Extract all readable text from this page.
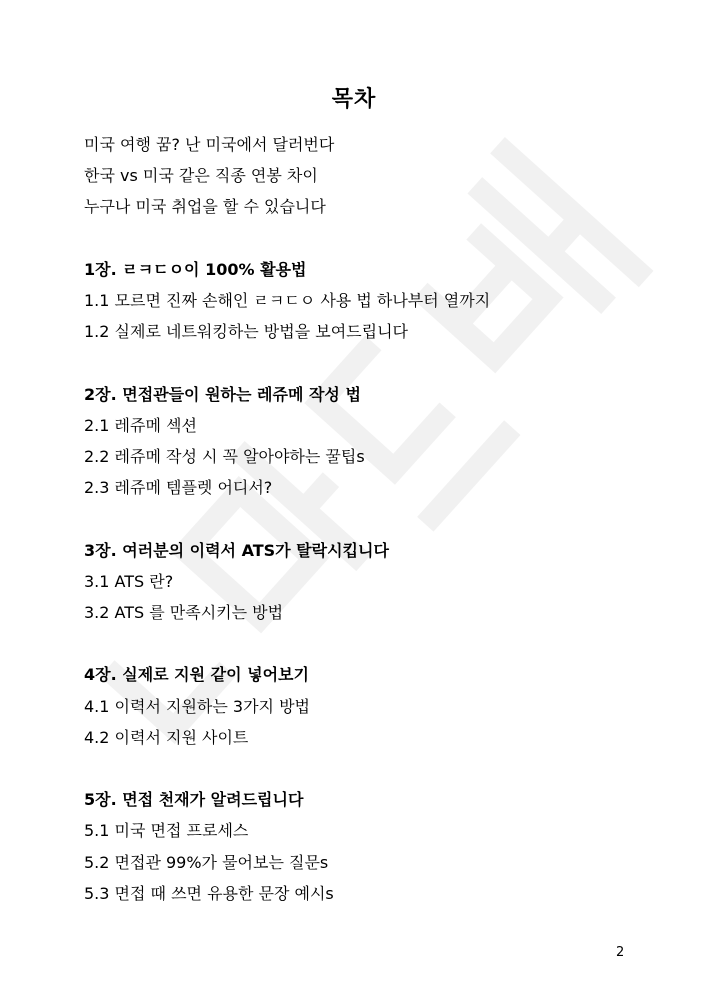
목차
미국 여행 꿈? 난 미국에서 달러번다
한국 vs 미국 같은 직종 연봉 차이
누구나 미국 취업을 할 수 있습니다
1장. ㄹㅋㄷㅇ이 100% 활용법
1.1 모르면 진짜 손해인 ㄹㅋㄷㅇ 사용 법 하나부터 열까지
1.2 실제로 네트워킹하는 방법을 보여드립니다
2장. 면접관들이 원하는 레쥬메 작성 법
2.1 레쥬메 섹션
2.2 레쥬메 작성 시 꼭 알아야하는 꿀팁s
2.3 레쥬메 템플렛 어디서?
3장. 여러분의 이력서 ATS가 탈락시킵니다
3.1 ATS 란?
3.2 ATS 를 만족시키는 방법
4장. 실제로 지원 같이 넣어보기
4.1 이력서 지원하는 3가지 방법
4.2 이력서 지원 사이트
5장. 면접 천재가 알려드립니다
5.1 미국 면접 프로세스
5.2 면접관 99%가 물어보는 질문s
5.3 면접 때 쓰면 유용한 문장 예시s
2
